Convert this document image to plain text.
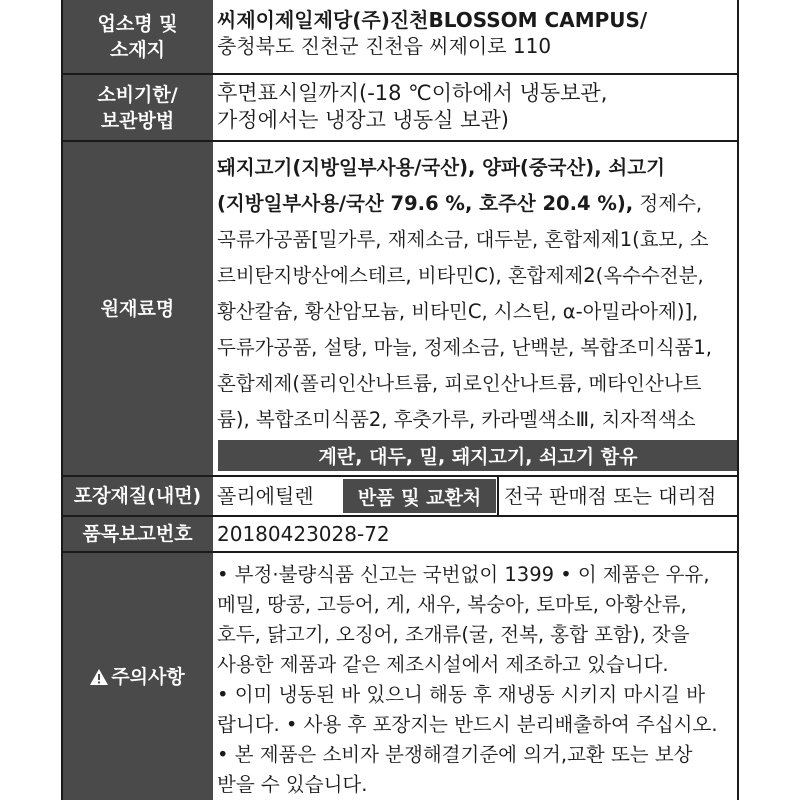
업소명 및
소재지
씨제이제일제당(주)진천BLOSSOM CAMPUS/
충청북도 진천군 진천읍 씨제이로 110
소비기한/
보관방법
후면표시일까지(-18 ℃이하에서 냉동보관,
가정에서는 냉장고 냉동실 보관)
원재료명
돼지고기(지방일부사용/국산), 양파(중국산), 쇠고기
(지방일부사용/국산 79.6 %, 호주산 20.4 %), 정제수,
곡류가공품[밀가루, 재제소금, 대두분, 혼합제제1(효모, 소
르비탄지방산에스테르, 비타민C), 혼합제제2(옥수수전분,
황산칼슘, 황산암모늄, 비타민C, 시스틴, α-아밀라아제)],
두류가공품, 설탕, 마늘, 정제소금, 난백분, 복합조미식품1,
혼합제제(폴리인산나트륨, 피로인산나트륨, 메타인산나트
륨), 복합조미식품2, 후춧가루, 카라멜색소Ⅲ, 치자적색소
계란, 대두, 밀, 돼지고기, 쇠고기 함유
포장재질(내면) 폴리에틸렌	반품 및 교환처 전국 판매점 또는 대리점
품목보고번호 20180423028-72
주의사항
• 부정·불량식품 신고는 국번없이 1399 • 이 제품은 우유,
메밀, 땅콩, 고등어, 게, 새우, 복숭아, 토마토, 아황산류,
호두, 닭고기, 오징어, 조개류(굴, 전복, 홍합 포함), 잣을
사용한 제품과 같은 제조시설에서 제조하고 있습니다.
• 이미 냉동된 바 있으니 해동 후 재냉동 시키지 마시길 바
랍니다. • 사용 후 포장지는 반드시 분리배출하여 주십시오.
• 본 제품은 소비자 분쟁해결기준에 의거,교환 또는 보상
받을 수 있습니다.
